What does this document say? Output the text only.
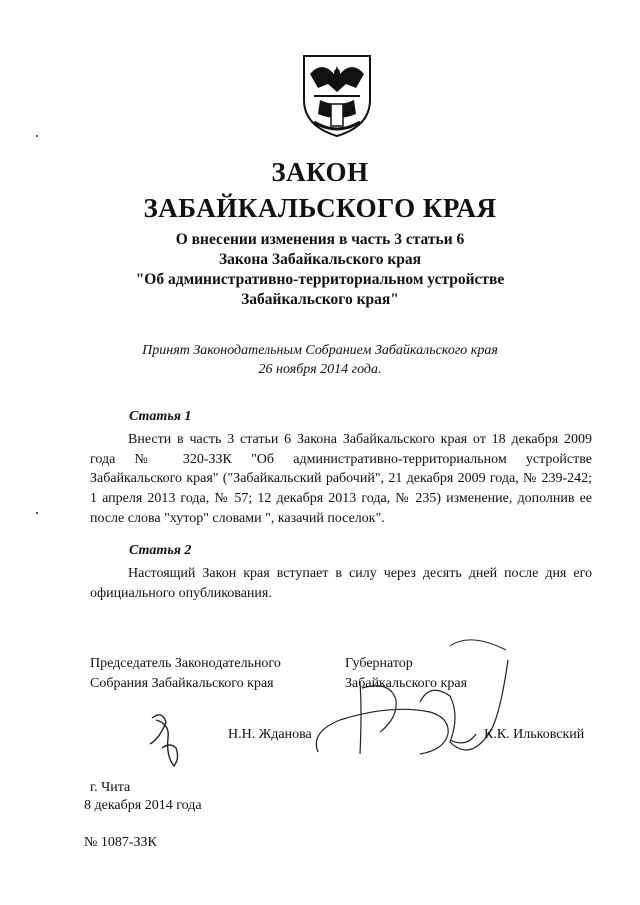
ЗАКОН
ЗАБАЙКАЛЬСКОГО КРАЯ
О внесении изменения в часть 3 статьи 6
Закона Забайкальского края
"Об административно-территориальном устройстве
Забайкальского края"
Принят Законодательным Собранием Забайкальского края
26 ноября 2014 года.
Статья 1
Внести в часть 3 статьи 6 Закона Забайкальского края от 18 декабря 2009 года № 320-ЗЗК "Об административно-территориальном устройстве Забайкальского края" ("Забайкальский рабочий", 21 декабря 2009 года, № 239-242; 1 апреля 2013 года, № 57; 12 декабря 2013 года, № 235) изменение, дополнив ее после слова "хутор" словами ", казачий поселок".
Статья 2
Настоящий Закон края вступает в силу через десять дней после дня его официального опубликования.
Председатель Законодательного
Собрания Забайкальского края
Губернатор
Забайкальского края
Н.Н. Жданова	К.К. Ильковский
г. Чита
8 декабря 2014 года
№ 1087-ЗЗК
